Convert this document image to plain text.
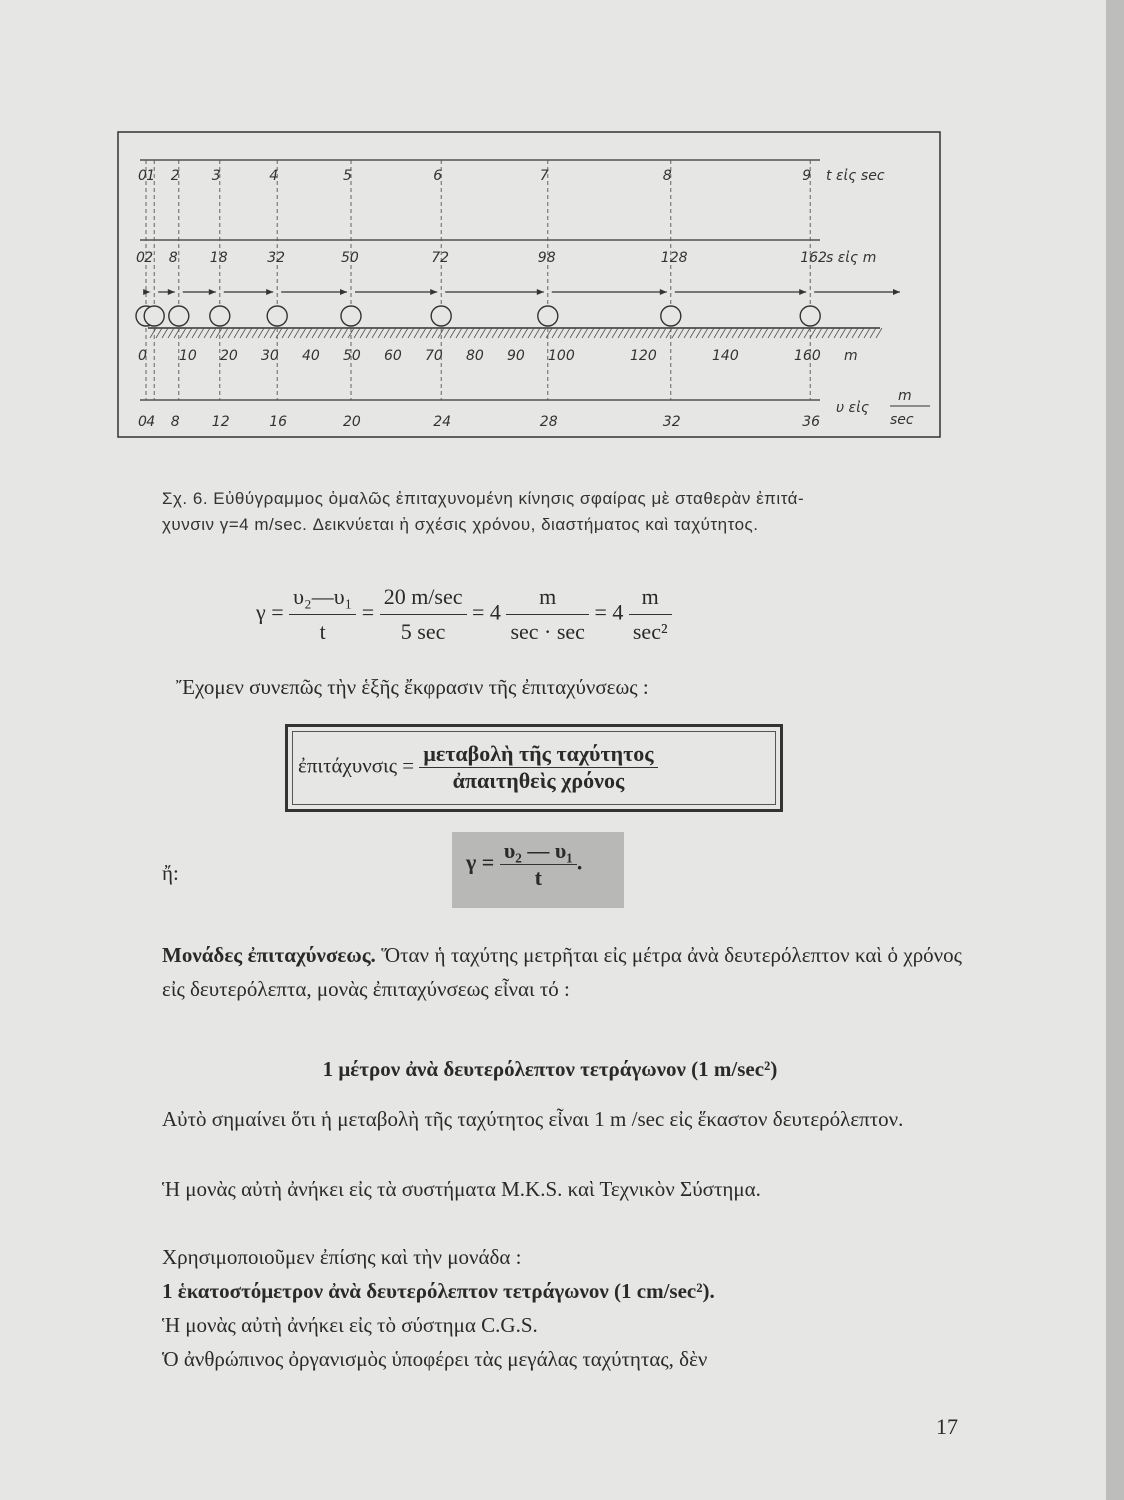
0
0
0
1
2
4
2
8
8
3
18
12
4
32
16
5
50
20
6
72
24
7
98
28
8
128
32
9
162
36
0 10 20 30 40 50 60 70 80 90 100	120	140	160
t εἰς sec
s εἰς m
m
υ εἰς
m
sec
Σχ. 6. Εὐθύγραμμος ὁμαλῶς ἐπιταχυνομένη κίνησις σφαίρας μὲ σταθερὰν ἐπιτά-
χυνσιν γ=4 m/sec. Δεικνύεται ἡ σχέσις χρόνου, διαστήματος καὶ ταχύτητος.
$\gamma = \frac{\text{υ₂—υ₁}}{t} = \frac{20 m/\sec}{5 \sec} = 4 \frac{m}{\sec \cdot \sec} = 4 \frac{m}{\text{sec²}}$
Ἔχομεν συνεπῶς τὴν ἑξῆς ἔκφρασιν τῆς ἐπιταχύνσεως :
ἐπιτάχυνσις = $\frac{\text{μεταβολὴ τῆς ταχύτητος}}{\text{ἀπαιτηθεὶς χρόνος}}$
ἤ:	$\gamma = \frac{\text{υ₂ — υ₁}}{t}$ .
Μονάδες ἐπιταχύνσεως. Ὅταν ἡ ταχύτης μετρῆται εἰς μέτρα ἀνὰ δευτερόλεπτον καὶ ὁ χρόνος εἰς δευτερόλεπτα, μονὰς ἐπιταχύνσεως εἶναι τό :
1 μέτρον ἀνὰ δευτερόλεπτον τετράγωνον (1 m/sec²)
Αὐτὸ σημαίνει ὅτι ἡ μεταβολὴ τῆς ταχύτητος εἶναι 1 m /sec εἰς ἕκαστον δευτερόλεπτον.
Ἡ μονὰς αὐτὴ ἀνήκει εἰς τὰ συστήματα M.K.S. καὶ Τεχνικὸν Σύστημα.
Χρησιμοποιοῦμεν ἐπίσης καὶ τὴν μονάδα :
1 ἑκατοστόμετρον ἀνὰ δευτερόλεπτον τετράγωνον (1 cm/sec²).
Ἡ μονὰς αὐτὴ ἀνήκει εἰς τὸ σύστημα C.G.S.
Ὁ ἀνθρώπινος ὀργανισμὸς ὑποφέρει τὰς μεγάλας ταχύτητας, δὲν
17
